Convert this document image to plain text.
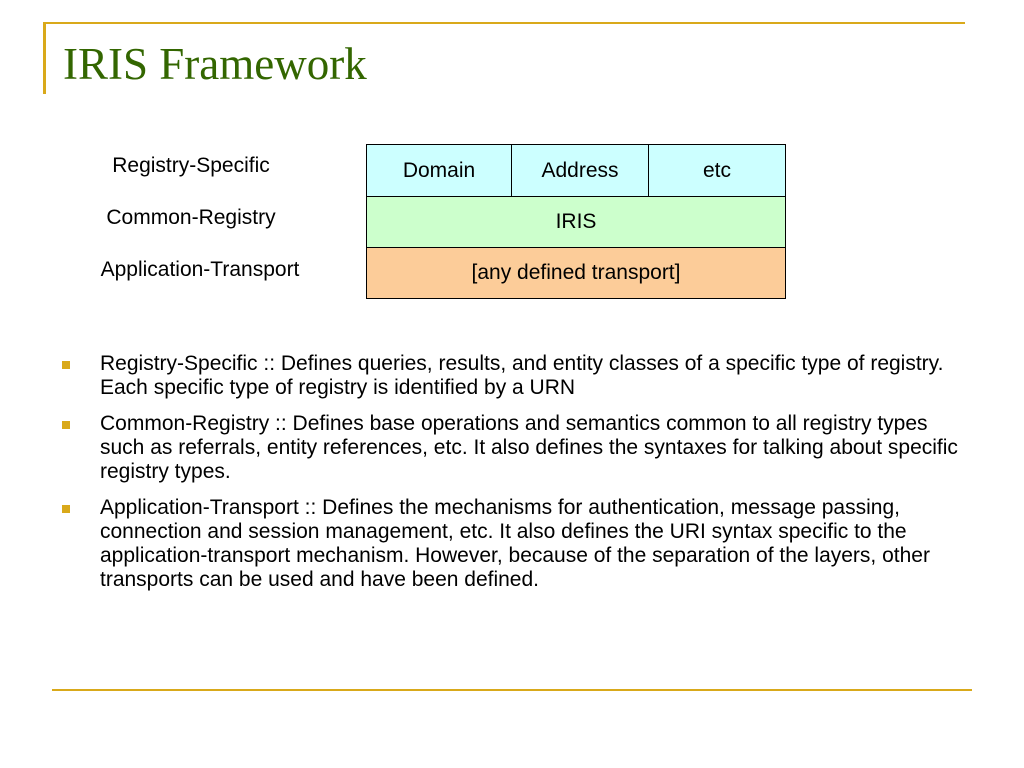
IRIS Framework
Registry-Specific
Common-Registry
Application-Transport
Domain	Address	etc
IRIS
[any defined transport]
Registry-Specific :: Defines queries, results, and entity classes of a specific type of registry. Each specific type of registry is identified by a URN
Common-Registry :: Defines base operations and semantics common to all registry types such as referrals, entity references, etc. It also defines the syntaxes for talking about specific registry types.
Application-Transport :: Defines the mechanisms for authentication, message passing, connection and session management, etc. It also defines the URI syntax specific to the application-transport mechanism. However, because of the separation of the layers, other transports can be used and have been defined.
